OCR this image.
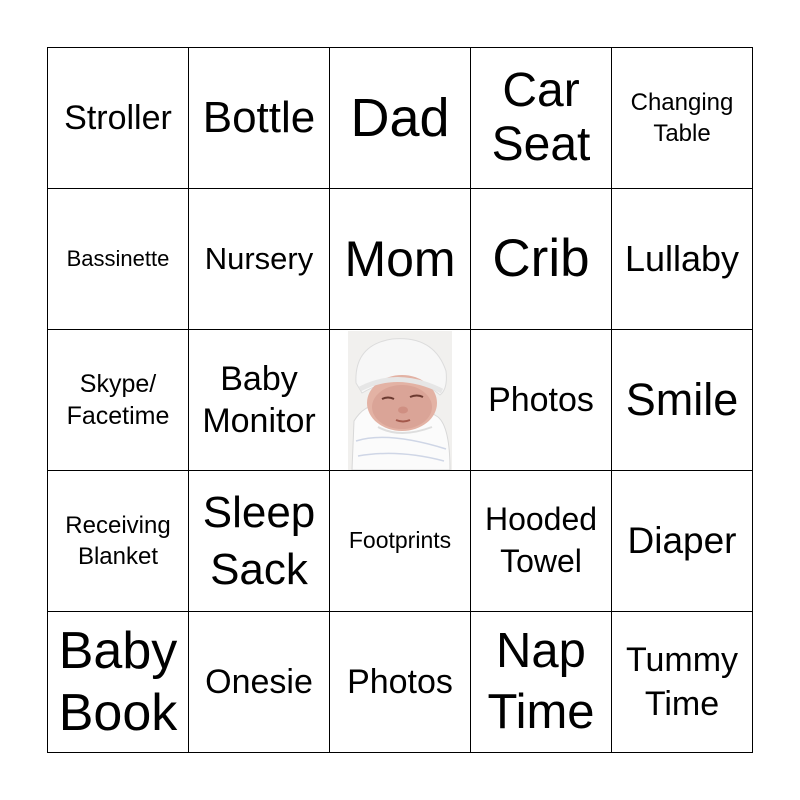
Stroller Bottle Dad Car
Seat
Changing
Table
Bassinette Nursery Mom Crib Lullaby
Skype/
Facetime
Baby
Monitor
Photos Smile
Receiving
Blanket
Sleep
Sack
Footprints
Hooded
Towel	Diaper
Baby
Book
Onesie Photos
Nap
Time
Tummy
Time
